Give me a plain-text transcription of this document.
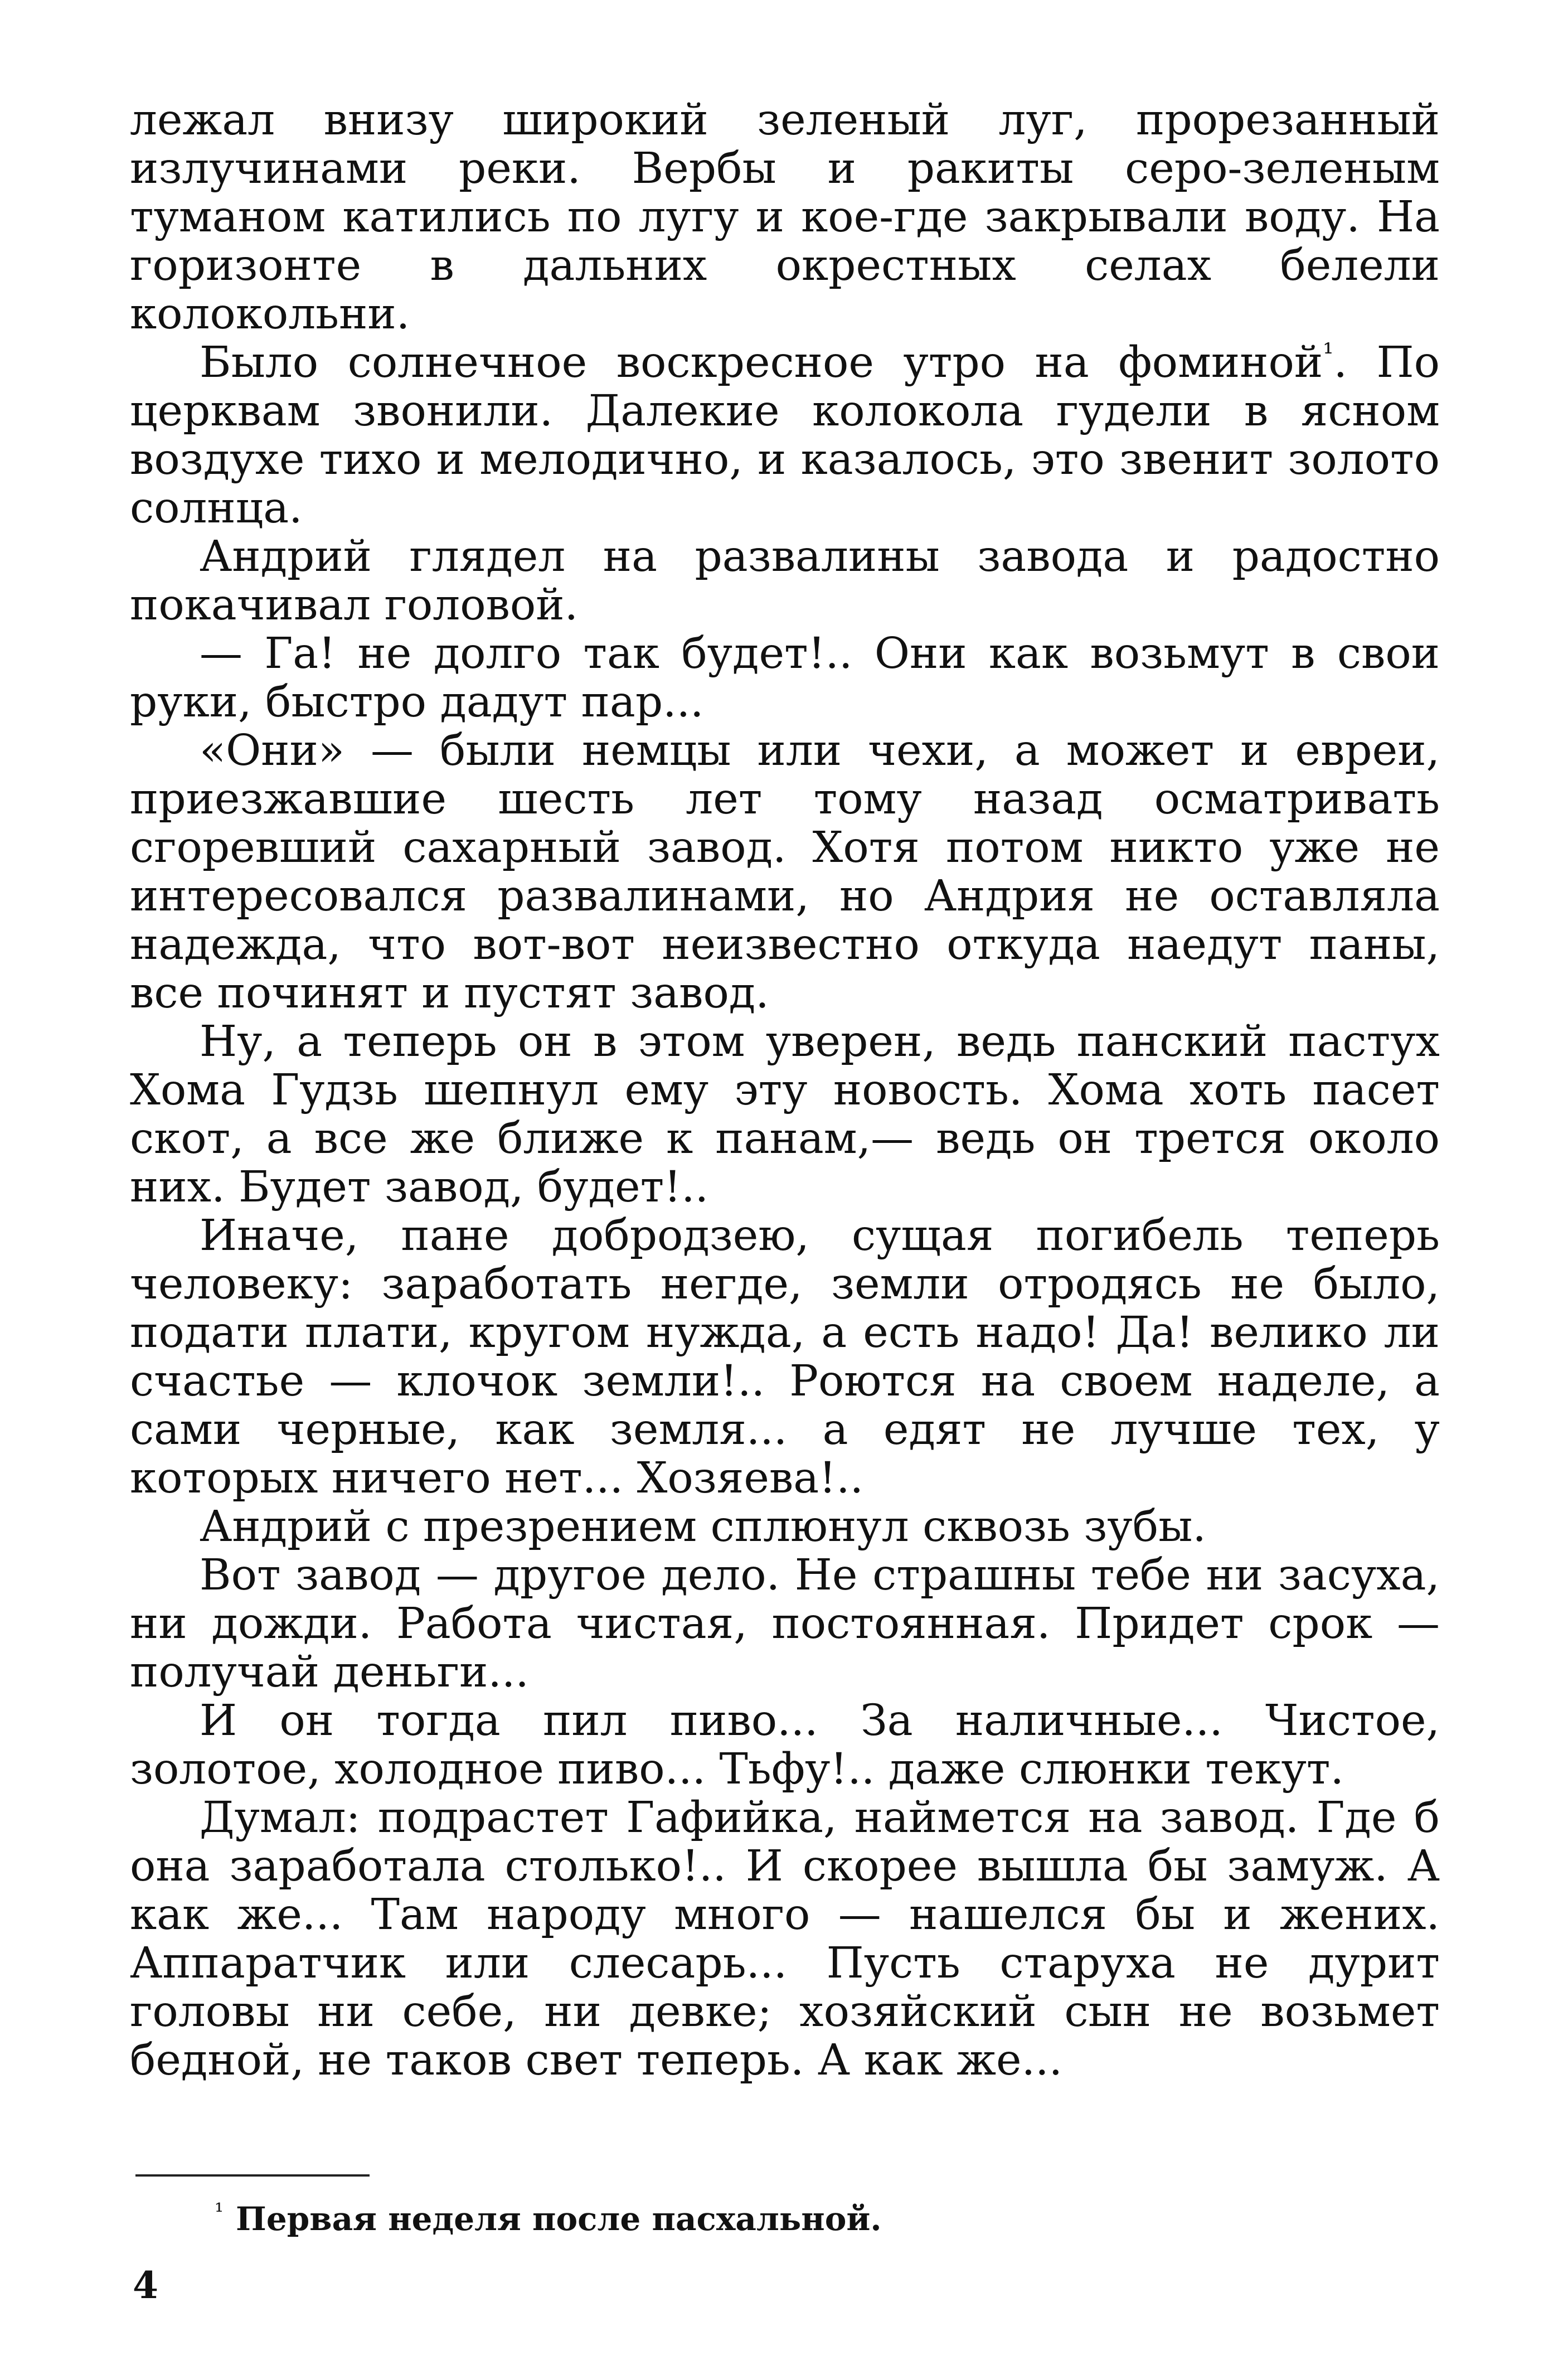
лежал внизу широкий зеленый луг, прорезанный излучинами реки. Вербы и ракиты серо-зеленым туманом катились по лугу и кое-где закрывали воду. На горизонте в дальних окрестных селах белели колокольни.

Было солнечное воскресное утро на фоминой$^{^1}$. По церквам звонили. Далекие колокола гудели в ясном воздухе тихо и мелодично, и казалось, это звенит золото солнца.

Андрий глядел на развалины завода и радостно покачивал головой.

— Га! не долго так будет!.. Они как возьмут в свои руки, быстро дадут пар...

«Они» — были немцы или чехи, а может и евреи, приезжавшие шесть лет тому назад осматривать сгоревший сахарный завод. Хотя потом никто уже не интересовался развалинами, но Андрия не оставляла надежда, что вот-вот неизвестно откуда наедут паны, все починят и пустят завод.

Ну, а теперь он в этом уверен, ведь панский пастух Хома Гудзь шепнул ему эту новость. Хома хоть пасет скот, а все же ближе к панам,— ведь он трется около них. Будет завод, будет!..

Иначе, пане добродзею, сущая погибель теперь человеку: заработать негде, земли отродясь не было, подати плати, кругом нужда, а есть надо! Да! велико ли счастье — клочок земли!.. Роются на своем наделе, а сами черные, как земля... а едят не лучше тех, у которых ничего нет... Хозяева!..

Андрий с презрением сплюнул сквозь зубы.

Вот завод — другое дело. Не страшны тебе ни засуха, ни дожди. Работа чистая, постоянная. Придет срок — получай деньги...

И он тогда пил пиво... За наличные... Чистое, золотое, холодное пиво... Тьфу!.. даже слюнки текут.

Думал: подрастет Гафийка, наймется на завод. Где б она заработала столько!.. И скорее вышла бы замуж. А как же... Там народу много — нашелся бы и жених. Аппаратчик или слесарь... Пусть старуха не дурит головы ни себе, ни девке; хозяйский сын не возьмет бедной, не таков свет теперь. А как же...

$^{^1}$ Первая неделя после пасхальной.
4
